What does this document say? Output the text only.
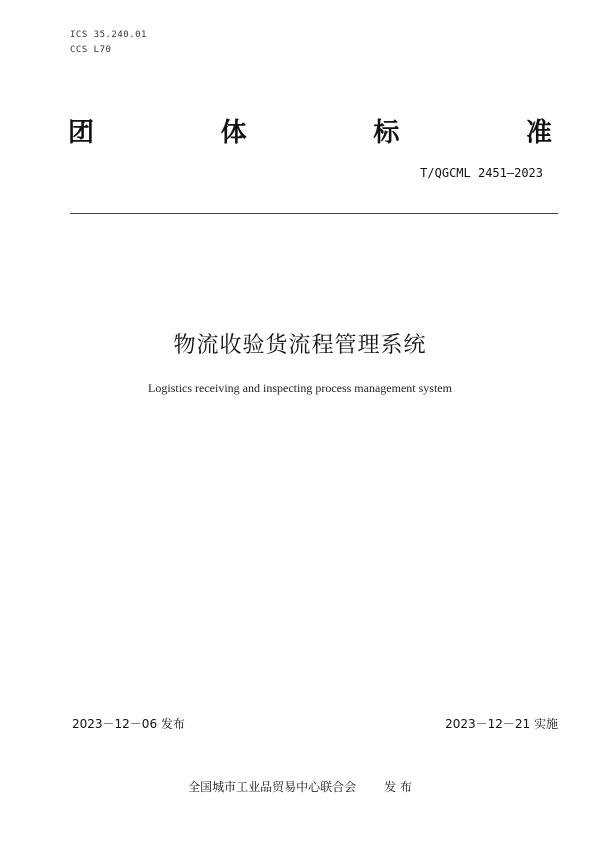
ICS 35.240.01
CCS L70
团	体	标	准
T/QGCML 2451—2023
物流收验货流程管理系统
Logistics receiving and inspecting process management system
2023－12－06 发布	2023－12－21 实施
全国城市工业品贸易中心联合会 发 布
